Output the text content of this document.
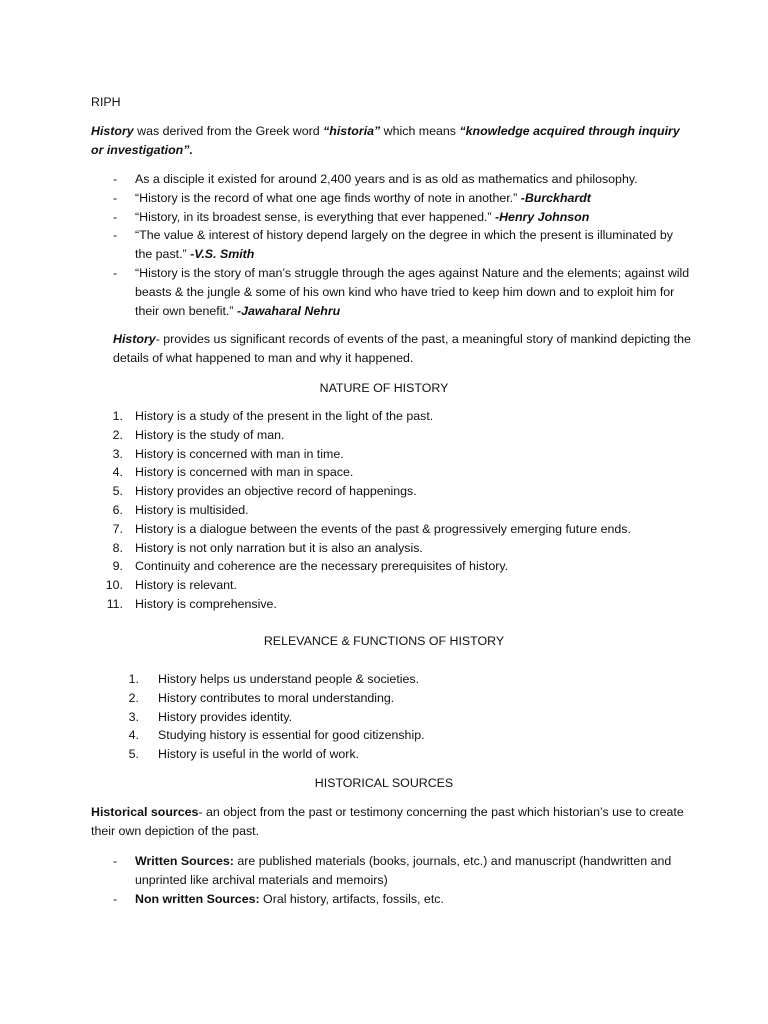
RIPH

History was derived from the Greek word “historia” which means “knowledge acquired through inquiry or investigation”.

- As a disciple it existed for around 2,400 years and is as old as mathematics and philosophy.
- “History is the record of what one age finds worthy of note in another.” -Burckhardt
- “History, in its broadest sense, is everything that ever happened.” -Henry Johnson
- “The value & interest of history depend largely on the degree in which the present is illuminated by the past.” -V.S. Smith
- “History is the story of man’s struggle through the ages against Nature and the elements; against wild beasts & the jungle & some of his own kind who have tried to keep him down and to exploit him for their own benefit.” -Jawaharal Nehru

History- provides us significant records of events of the past, a meaningful story of mankind depicting the details of what happened to man and why it happened.

NATURE OF HISTORY
1. History is a study of the present in the light of the past.
2. History is the study of man.
3. History is concerned with man in time.
4. History is concerned with man in space.
5. History provides an objective record of happenings.
6. History is multisided.
7. History is a dialogue between the events of the past & progressively emerging future ends.
8. History is not only narration but it is also an analysis.
9. Continuity and coherence are the necessary prerequisites of history.
10. History is relevant.
11. History is comprehensive.
RELEVANCE & FUNCTIONS OF HISTORY
1. History helps us understand people & societies.
2. History contributes to moral understanding.
3. History provides identity.
4. Studying history is essential for good citizenship.
5. History is useful in the world of work.
HISTORICAL SOURCES

Historical sources- an object from the past or testimony concerning the past which historian’s use to create their own depiction of the past.

- Written Sources: are published materials (books, journals, etc.) and manuscript (handwritten and unprinted like archival materials and memoirs)
- Non written Sources: Oral history, artifacts, fossils, etc.
